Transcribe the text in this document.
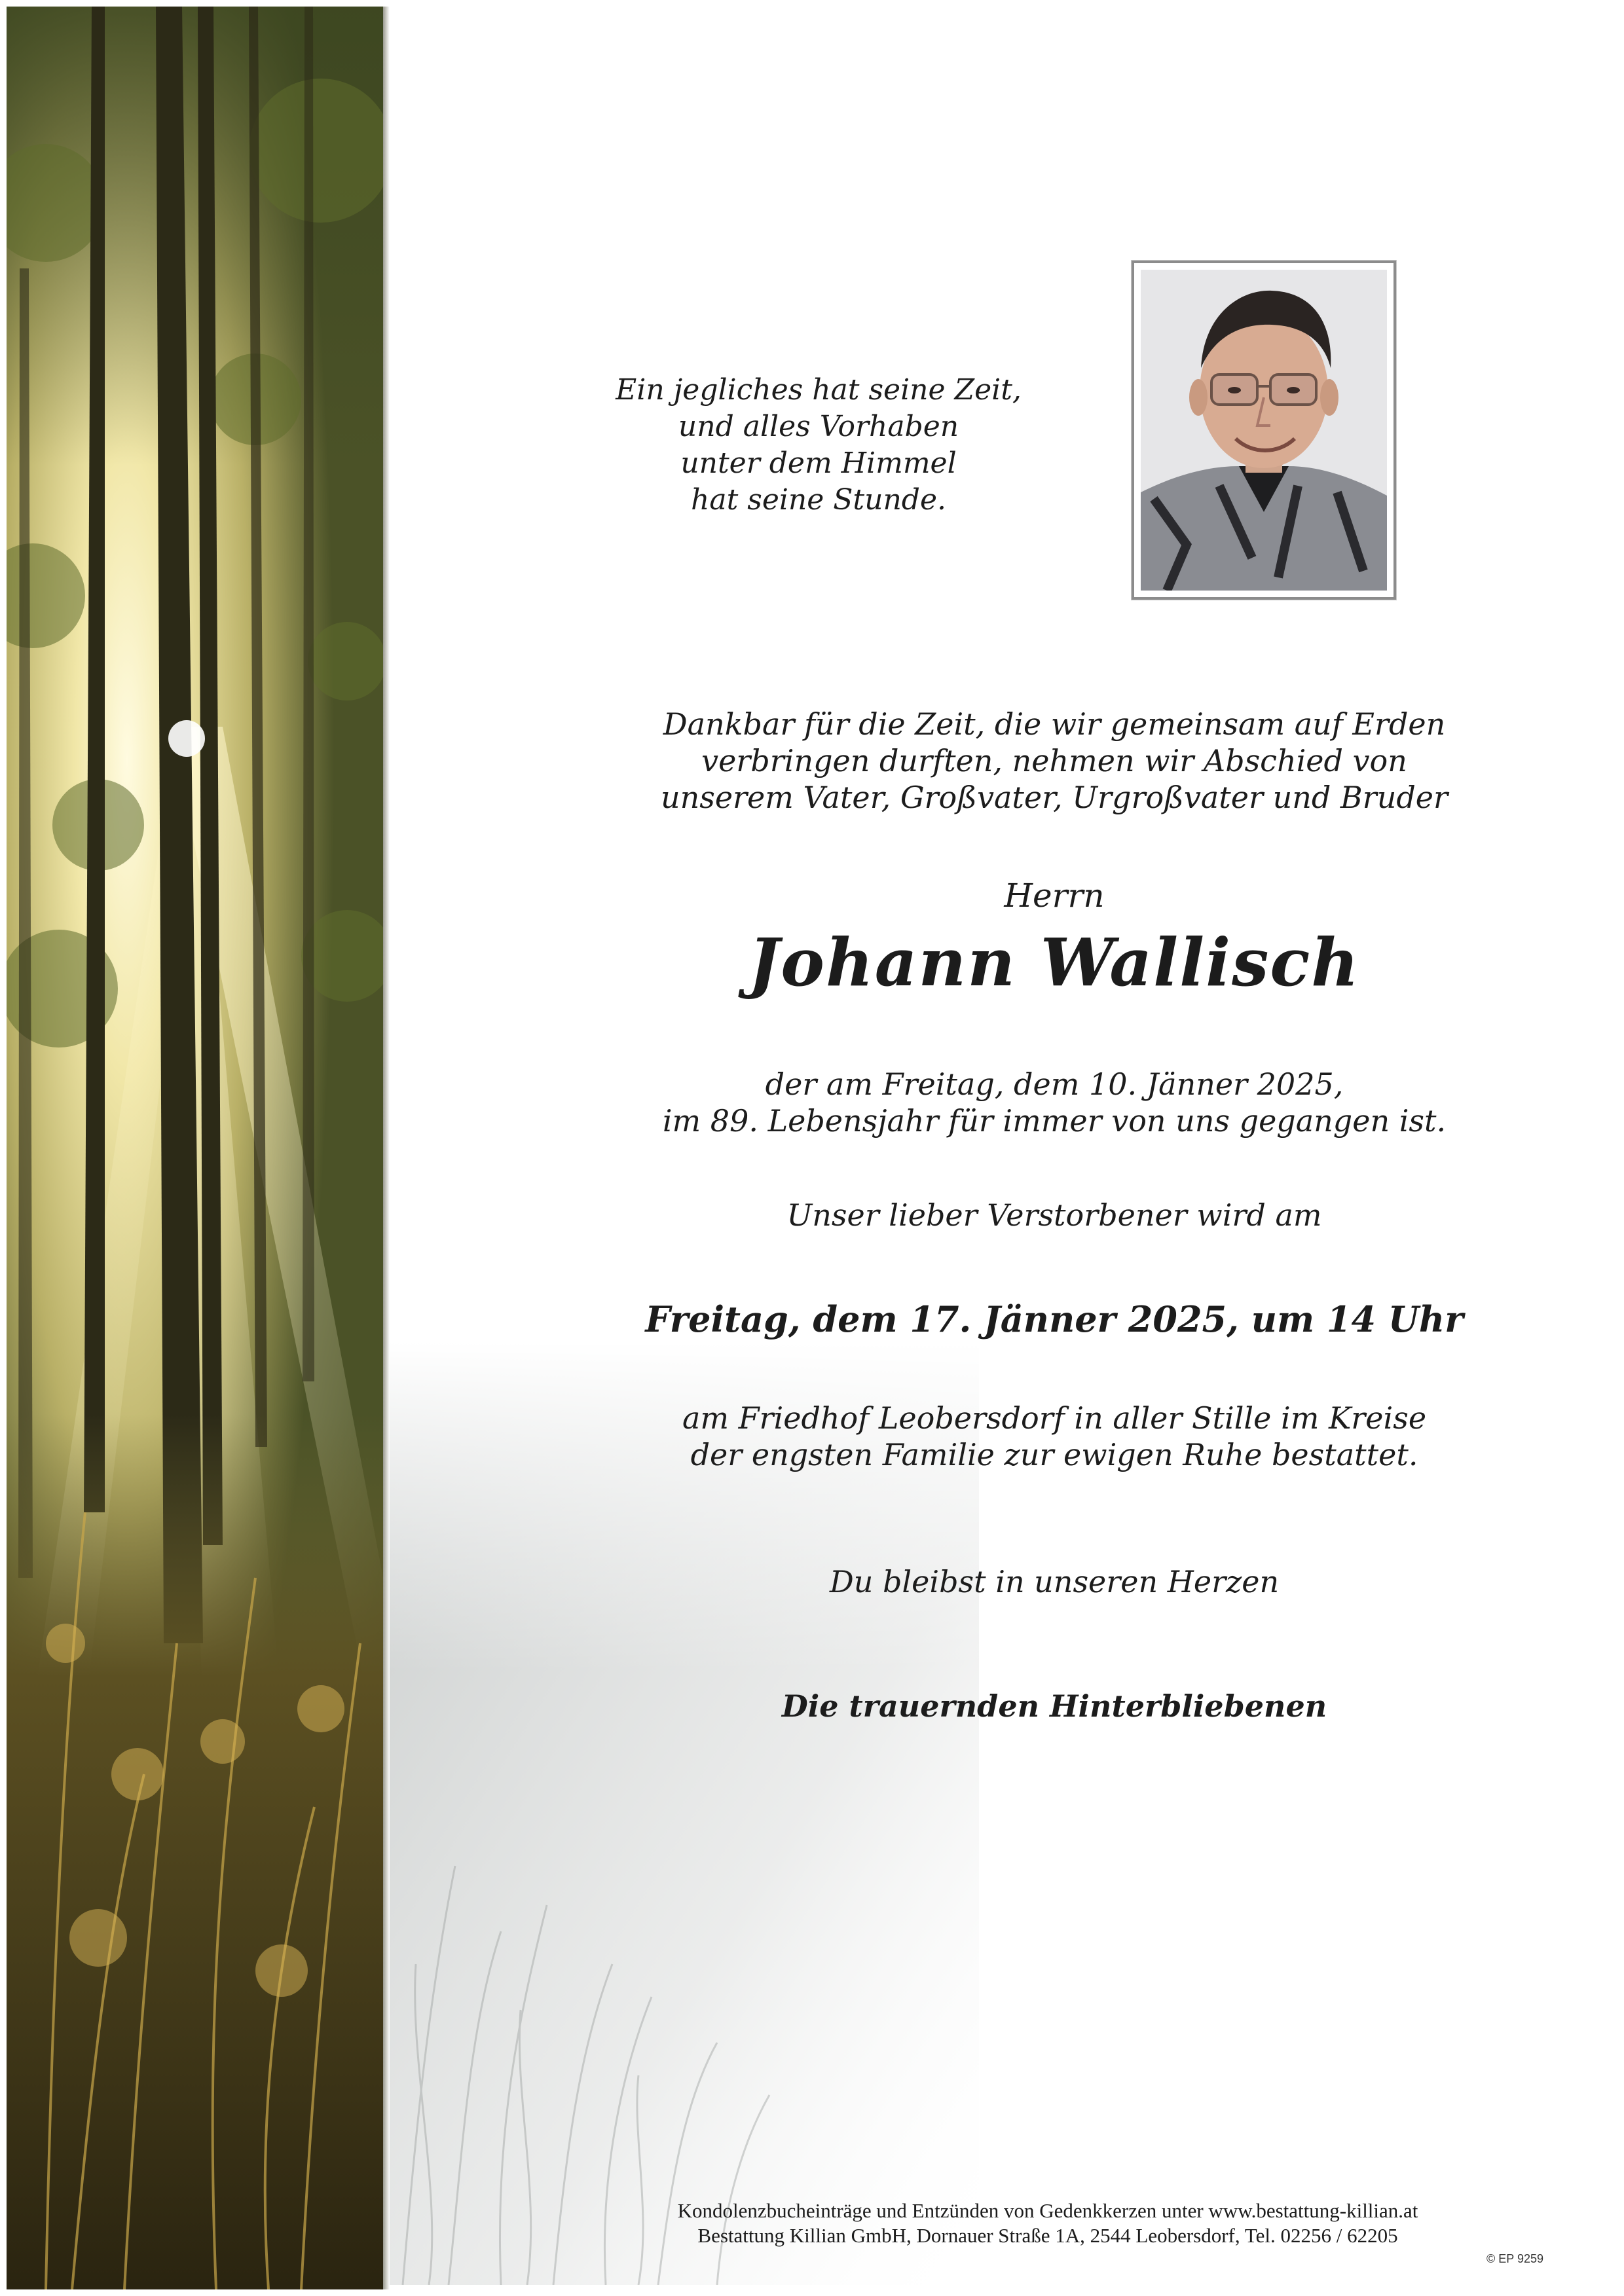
Ein jegliches hat seine Zeit,
und alles Vorhaben
unter dem Himmel
hat seine Stunde.
Dankbar für die Zeit, die wir gemeinsam auf Erden
verbringen durften, nehmen wir Abschied von
unserem Vater, Großvater, Urgroßvater und Bruder
Herrn
Johann Wallisch
der am Freitag, dem 10. Jänner 2025,
im 89. Lebensjahr für immer von uns gegangen ist.
Unser lieber Verstorbener wird am
Freitag, dem 17. Jänner 2025, um 14 Uhr
am Friedhof Leobersdorf in aller Stille im Kreise
der engsten Familie zur ewigen Ruhe bestattet.
Du bleibst in unseren Herzen
Die trauernden Hinterbliebenen
Kondolenzbucheinträge und Entzünden von Gedenkkerzen unter www.bestattung-killian.at
Bestattung Killian GmbH, Dornauer Straße 1A, 2544 Leobersdorf, Tel. 02256 / 62205
© EP 9259
